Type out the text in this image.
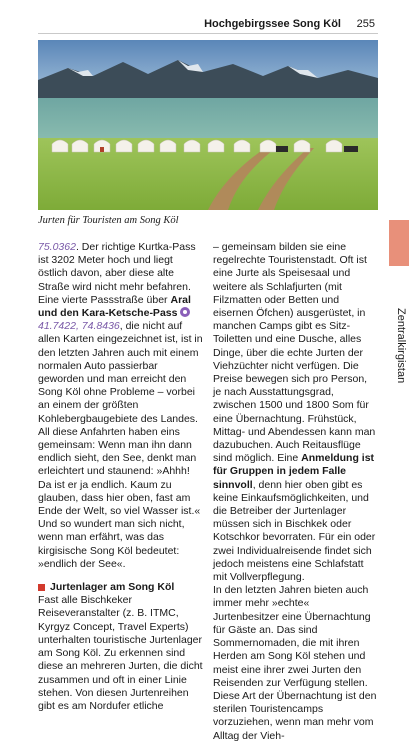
Hochgebirgssee Song Köl 255
Jurten für Touristen am Song Köl
Zentralkirgistan

75.0362. Der richtige Kurtka-Pass ist 3202 Meter hoch und liegt östlich davon, aber diese alte Straße wird nicht mehr befahren.

Eine vierte Passstraße über Aral und den Kara-Ketsche-Pass  41.7422, 74.8436, die nicht auf allen Karten eingezeichnet ist, ist in den letzten Jahren auch mit einem normalen Auto passierbar geworden und man erreicht den Song Köl ohne Probleme – vorbei an einem der größten Kohlebergbaugebiete des Landes.

All diese Anfahrten haben eins gemeinsam: Wenn man ihn dann endlich sieht, den See, denkt man erleichtert und staunend: »Ahhh! Da ist er ja endlich. Kaum zu glauben, dass hier oben, fast am Ende der Welt, so viel Wasser ist.« Und so wundert man sich nicht, wenn man erfährt, was das kirgisische Song Köl bedeutet: »endlich der See«.

Jurtenlager am Song Köl

Fast alle Bischkeker Reiseveranstalter (z. B. ITMC, Kyrgyz Concept, Travel Experts) unterhalten touristische Jurtenlager am Song Köl. Zu erkennen sind diese an mehreren Jurten, die dicht zusammen und oft in einer Linie stehen. Von diesen Jurtenreihen gibt es am Nordufer etliche

– gemeinsam bilden sie eine regelrechte Touristenstadt. Oft ist eine Jurte als Speisesaal und weitere als Schlafjurten (mit Filzmatten oder Betten und eisernen Öfchen) ausgerüstet, in manchen Camps gibt es Sitz-Toiletten und eine Dusche, alles Dinge, über die echte Jurten der Viehzüchter nicht verfügen. Die Preise bewegen sich pro Person, je nach Ausstattungsgrad, zwischen 1500 und 1800 Som für eine Übernachtung. Frühstück, Mittag- und Abendessen kann man dazubuchen. Auch Reitausflüge sind möglich. Eine Anmeldung ist für Gruppen in jedem Falle sinnvoll, denn hier oben gibt es keine Einkaufsmöglichkeiten, und die Betreiber der Jurtenlager müssen sich in Bischkek oder Kotschkor bevorraten. Für ein oder zwei Individualreisende findet sich jedoch meistens eine Schlafstatt mit Vollverpflegung.

In den letzten Jahren bieten auch immer mehr »echte« Jurtenbesitzer eine Übernachtung für Gäste an. Das sind Sommernomaden, die mit ihren Herden am Song Köl stehen und meist eine ihrer zwei Jurten den Reisenden zur Verfügung stellen. Diese Art der Übernachtung ist den sterilen Touristencamps vorzuziehen, wenn man mehr vom Alltag der Vieh-
